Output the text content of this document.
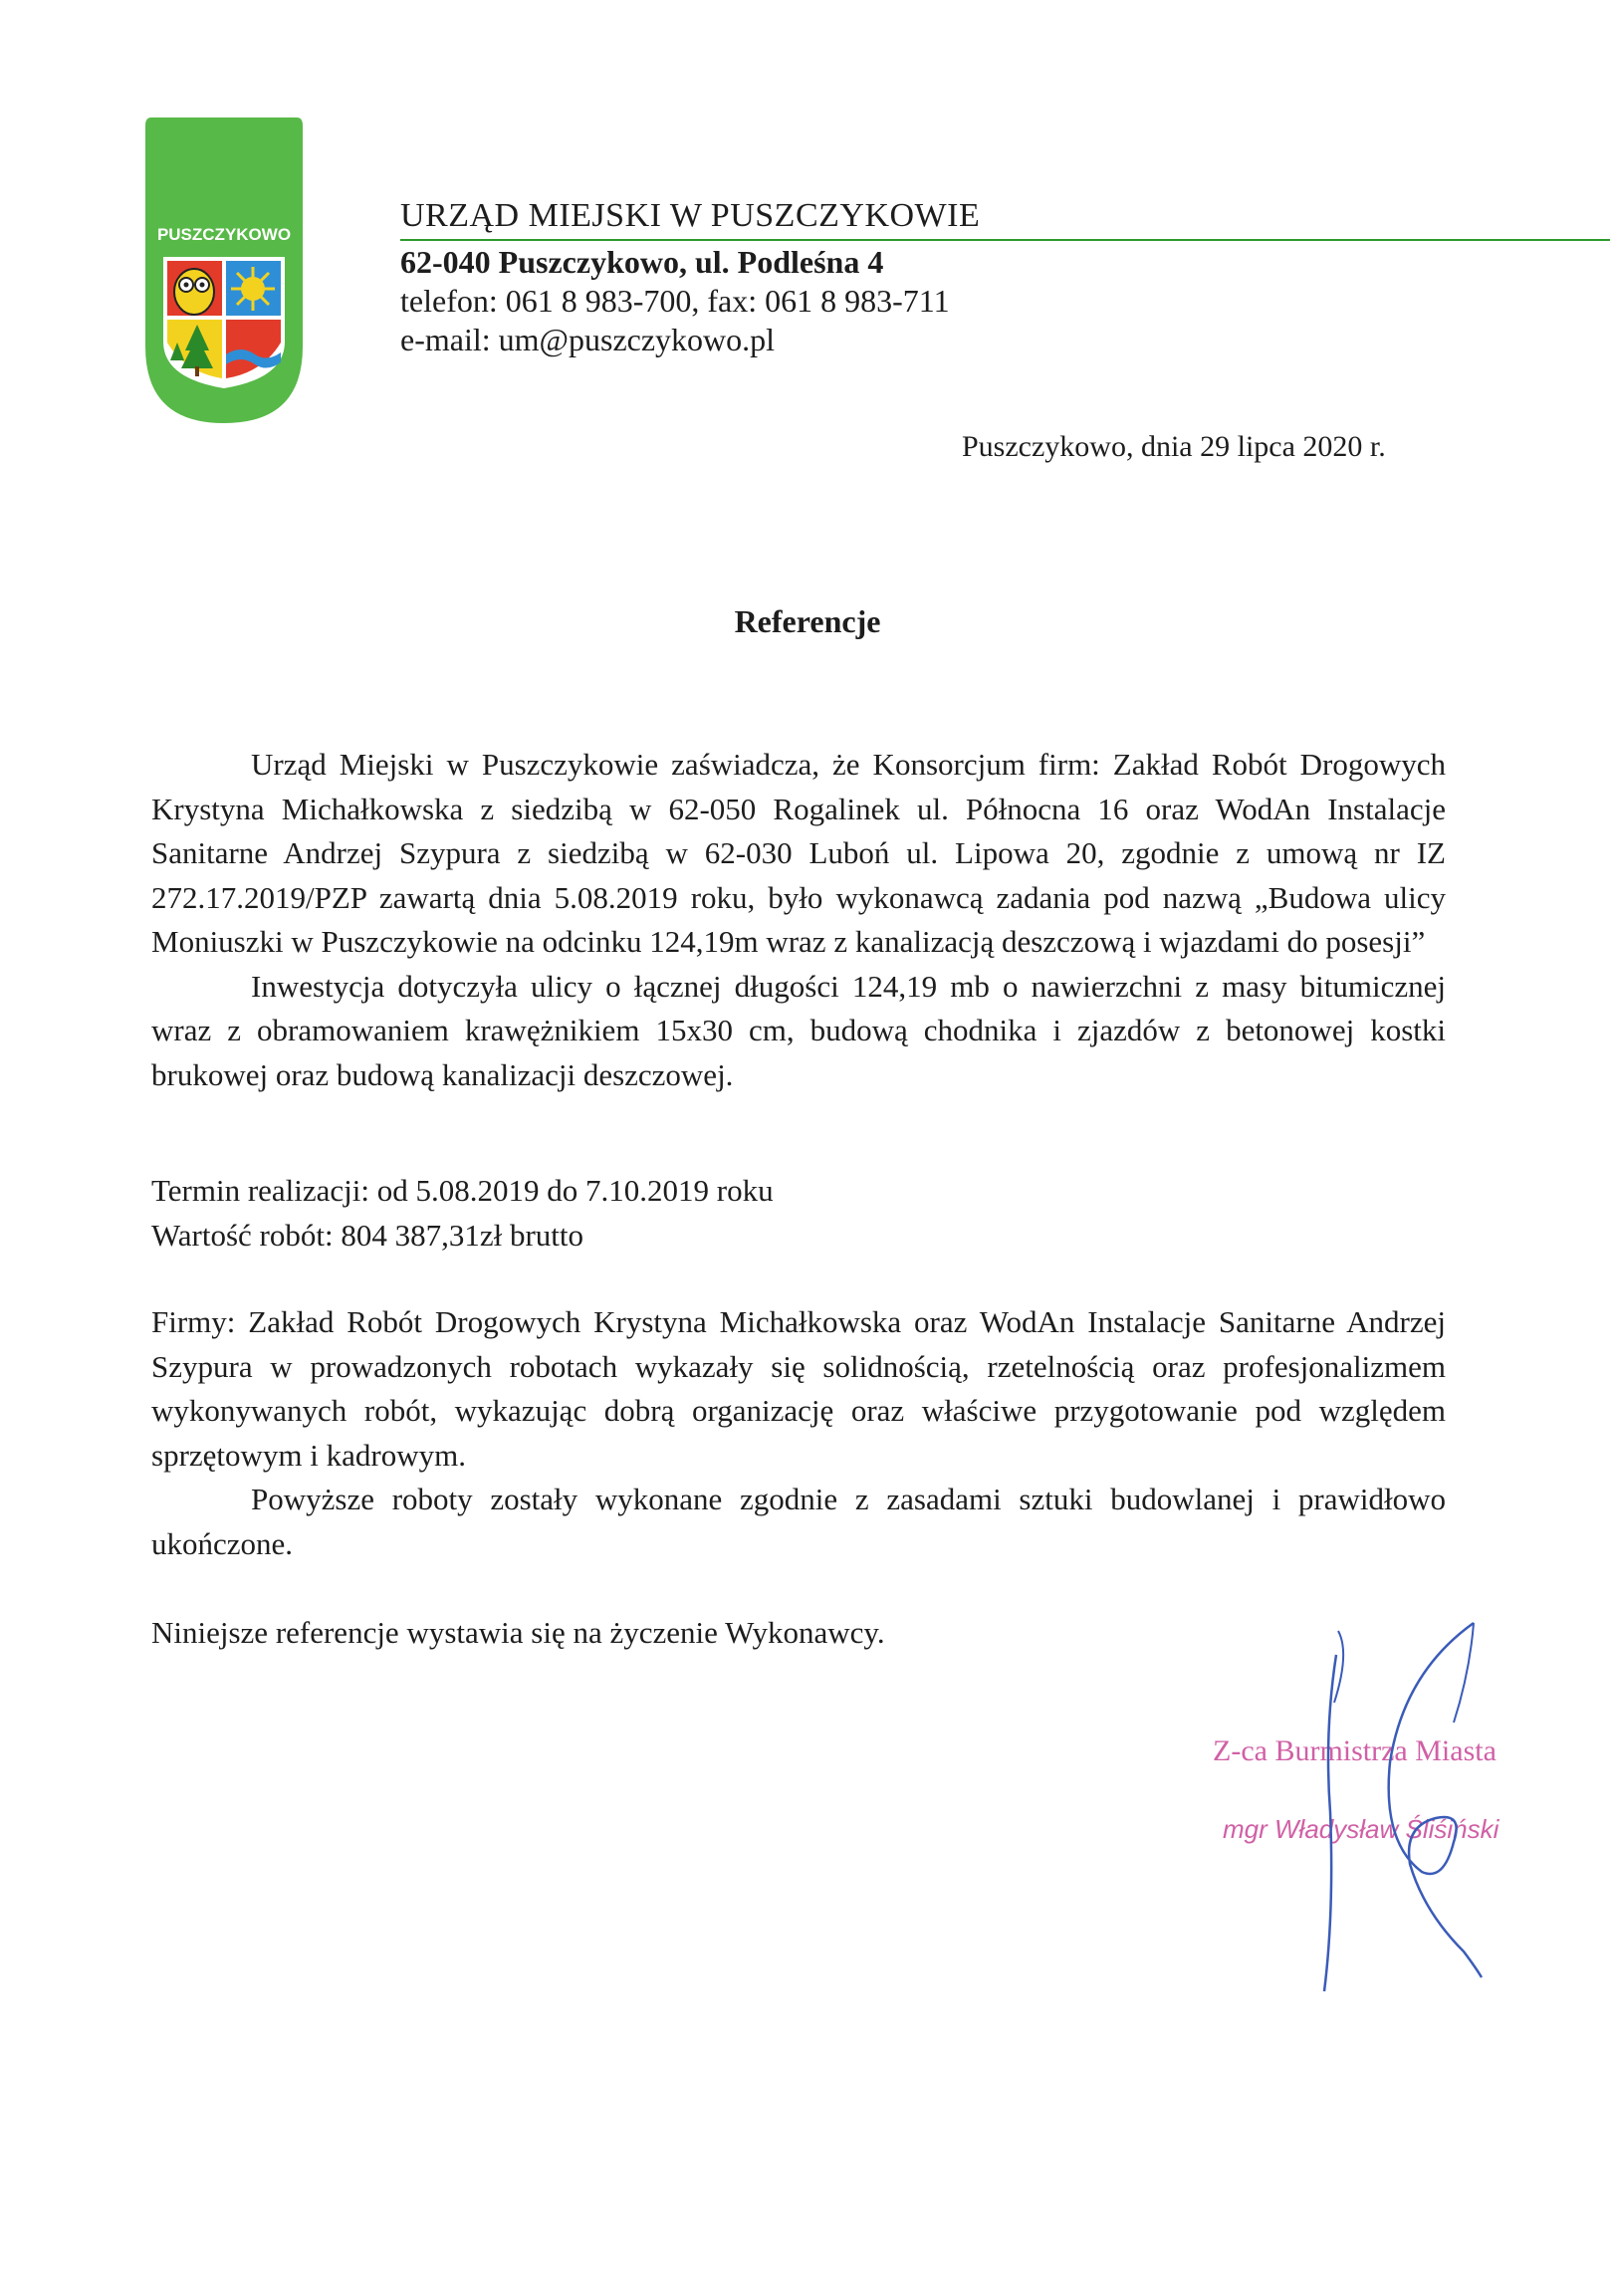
PUSZCZYKOWO
URZĄD MIEJSKI W PUSZCZYKOWIE
62-040 Puszczykowo, ul. Podleśna 4
telefon: 061 8 983-700, fax: 061 8 983-711
e-mail: um@puszczykowo.pl
Puszczykowo, dnia 29 lipca 2020 r.
Referencje

Urząd Miejski w Puszczykowie zaświadcza, że Konsorcjum firm: Zakład Robót Drogowych Krystyna Michałkowska z siedzibą w 62-050 Rogalinek ul. Północna 16 oraz WodAn Instalacje Sanitarne Andrzej Szypura z siedzibą w 62-030 Luboń ul. Lipowa 20, zgodnie z umową nr IZ 272.17.2019/PZP zawartą dnia 5.08.2019 roku, było wykonawcą zadania pod nazwą „Budowa ulicy Moniuszki w Puszczykowie na odcinku 124,19m wraz z kanalizacją deszczową i wjazdami do posesji”

Inwestycja dotyczyła ulicy o łącznej długości 124,19 mb o nawierzchni z masy bitumicznej wraz z obramowaniem krawężnikiem 15x30 cm, budową chodnika i zjazdów z betonowej kostki brukowej oraz budową kanalizacji deszczowej.

Termin realizacji: od 5.08.2019 do 7.10.2019 roku

Wartość robót: 804 387,31zł brutto

Firmy: Zakład Robót Drogowych Krystyna Michałkowska oraz WodAn Instalacje Sanitarne Andrzej Szypura w prowadzonych robotach wykazały się solidnością, rzetelnością oraz profesjonalizmem wykonywanych robót, wykazując dobrą organizację oraz właściwe przygotowanie pod względem sprzętowym i kadrowym.

Powyższe roboty zostały wykonane zgodnie z zasadami sztuki budowlanej i prawidłowo ukończone.

Niniejsze referencje wystawia się na życzenie Wykonawcy.

Z-ca Burmistrza Miasta
mgr Władysław Śliśiński
